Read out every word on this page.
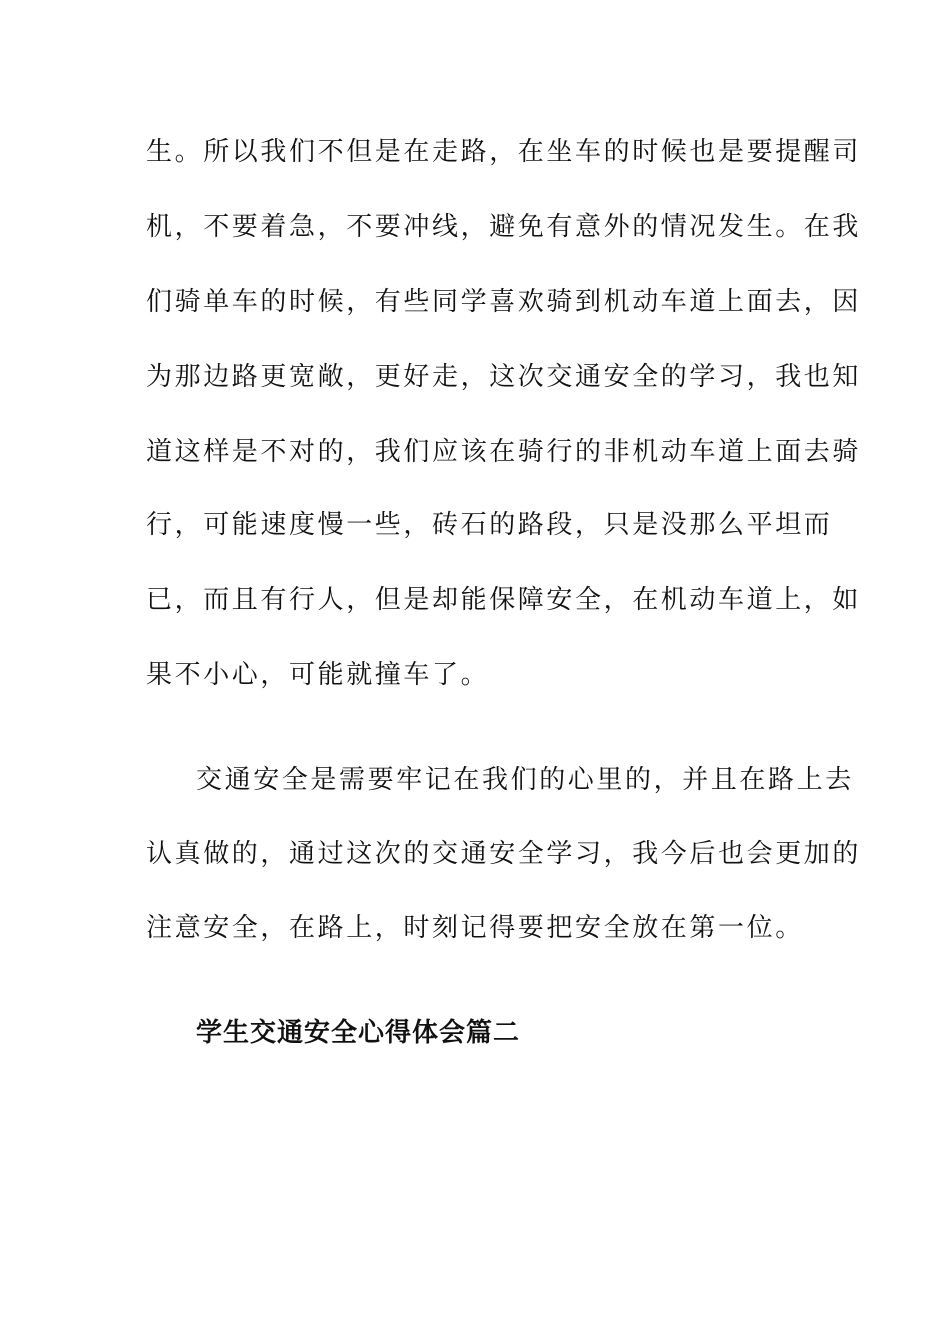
生。所以我们不但是在走路，在坐车的时候也是要提醒司
机，不要着急，不要冲线，避免有意外的情况发生。在我
们骑单车的时候，有些同学喜欢骑到机动车道上面去，因
为那边路更宽敞，更好走，这次交通安全的学习，我也知
道这样是不对的，我们应该在骑行的非机动车道上面去骑
行，可能速度慢一些，砖石的路段，只是没那么平坦而
已，而且有行人，但是却能保障安全，在机动车道上，如
果不小心，可能就撞车了。
交通安全是需要牢记在我们的心里的，并且在路上去
认真做的，通过这次的交通安全学习，我今后也会更加的
注意安全，在路上，时刻记得要把安全放在第一位。
学生交通安全心得体会篇二
